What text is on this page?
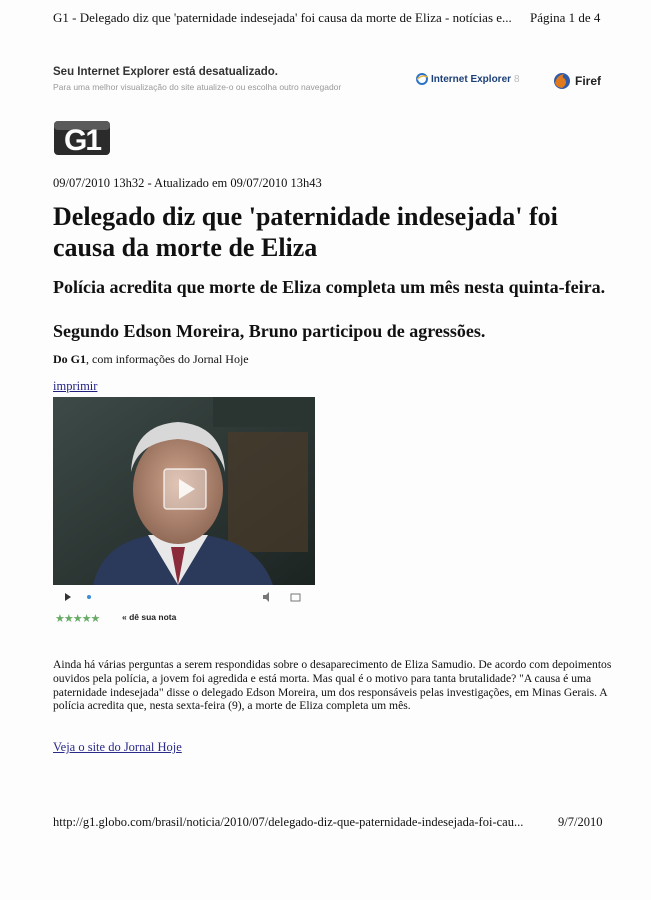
G1 - Delegado diz que 'paternidade indesejada' foi causa da morte de Eliza - notícias e...	Página 1 de 4
Seu Internet Explorer está desatualizado.
Para uma melhor visualização do site atualize-o ou escolha outro navegador
Internet Explorer 8	Firef
G1
09/07/2010 13h32 - Atualizado em 09/07/2010 13h43
Delegado diz que 'paternidade indesejada' foi causa da morte de Eliza
Polícia acredita que morte de Eliza completa um mês nesta quinta-feira.
Segundo Edson Moreira, Bruno participou de agressões.
Do G1, com informações do Jornal Hoje
imprimir
★★★★★	« dê sua nota

Ainda há várias perguntas a serem respondidas sobre o desaparecimento de Eliza Samudio. De acordo com depoimentos ouvidos pela polícia, a jovem foi agredida e está morta. Mas qual é o motivo para tanta brutalidade? "A causa é uma paternidade indesejada" disse o delegado Edson Moreira, um dos responsáveis pelas investigações, em Minas Gerais. A polícia acredita que, nesta sexta-feira (9), a morte de Eliza completa um mês.

Veja o site do Jornal Hoje
http://g1.globo.com/brasil/noticia/2010/07/delegado-diz-que-paternidade-indesejada-foi-cau...	9/7/2010
